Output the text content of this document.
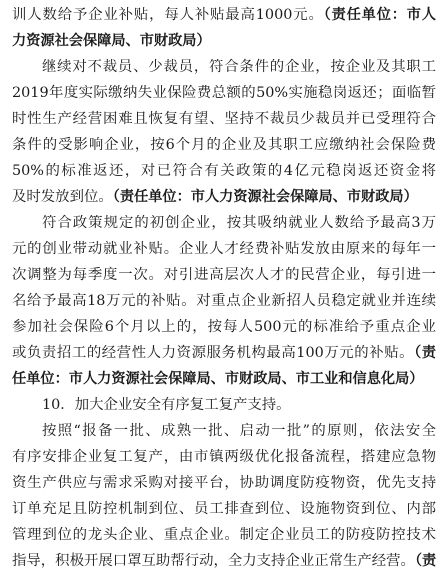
训人数给予企业补贴，每人补贴最高1000元。（责任单位：市人
力资源社会保障局、市财政局）
继续对不裁员、少裁员，符合条件的企业，按企业及其职工
2019年度实际缴纳失业保险费总额的50%实施稳岗返还；面临暂
时性生产经营困难且恢复有望、坚持不裁员少裁员并已受理符合
条件的受影响企业，按6个月的企业及其职工应缴纳社会保险费
50%的标准返还，对已符合有关政策的4亿元稳岗返还资金将
及时发放到位。（责任单位：市人力资源社会保障局、市财政局）
符合政策规定的初创企业，按其吸纳就业人数给予最高3万
元的创业带动就业补贴。企业人才经费补贴发放由原来的每年一
次调整为每季度一次。对引进高层次人才的民营企业，每引进一
名给予最高18万元的补贴。对重点企业新招人员稳定就业并连续
参加社会保险6个月以上的，按每人500元的标准给予重点企业
或负责招工的经营性人力资源服务机构最高100万元的补贴。（责
任单位：市人力资源社会保障局、市财政局、市工业和信息化局）
10．加大企业安全有序复工复产支持。
按照“报备一批、成熟一批、启动一批”的原则，依法安全
有序安排企业复工复产，由市镇两级优化报备流程，搭建应急物
资生产供应与需求采购对接平台，协助调度防疫物资，优先支持
订单充足且防控机制到位、员工排查到位、设施物资到位、内部
管理到位的龙头企业、重点企业。制定企业员工的防疫防控技术
指导，积极开展口罩互助帮行动，全力支持企业正常生产经营。（责
